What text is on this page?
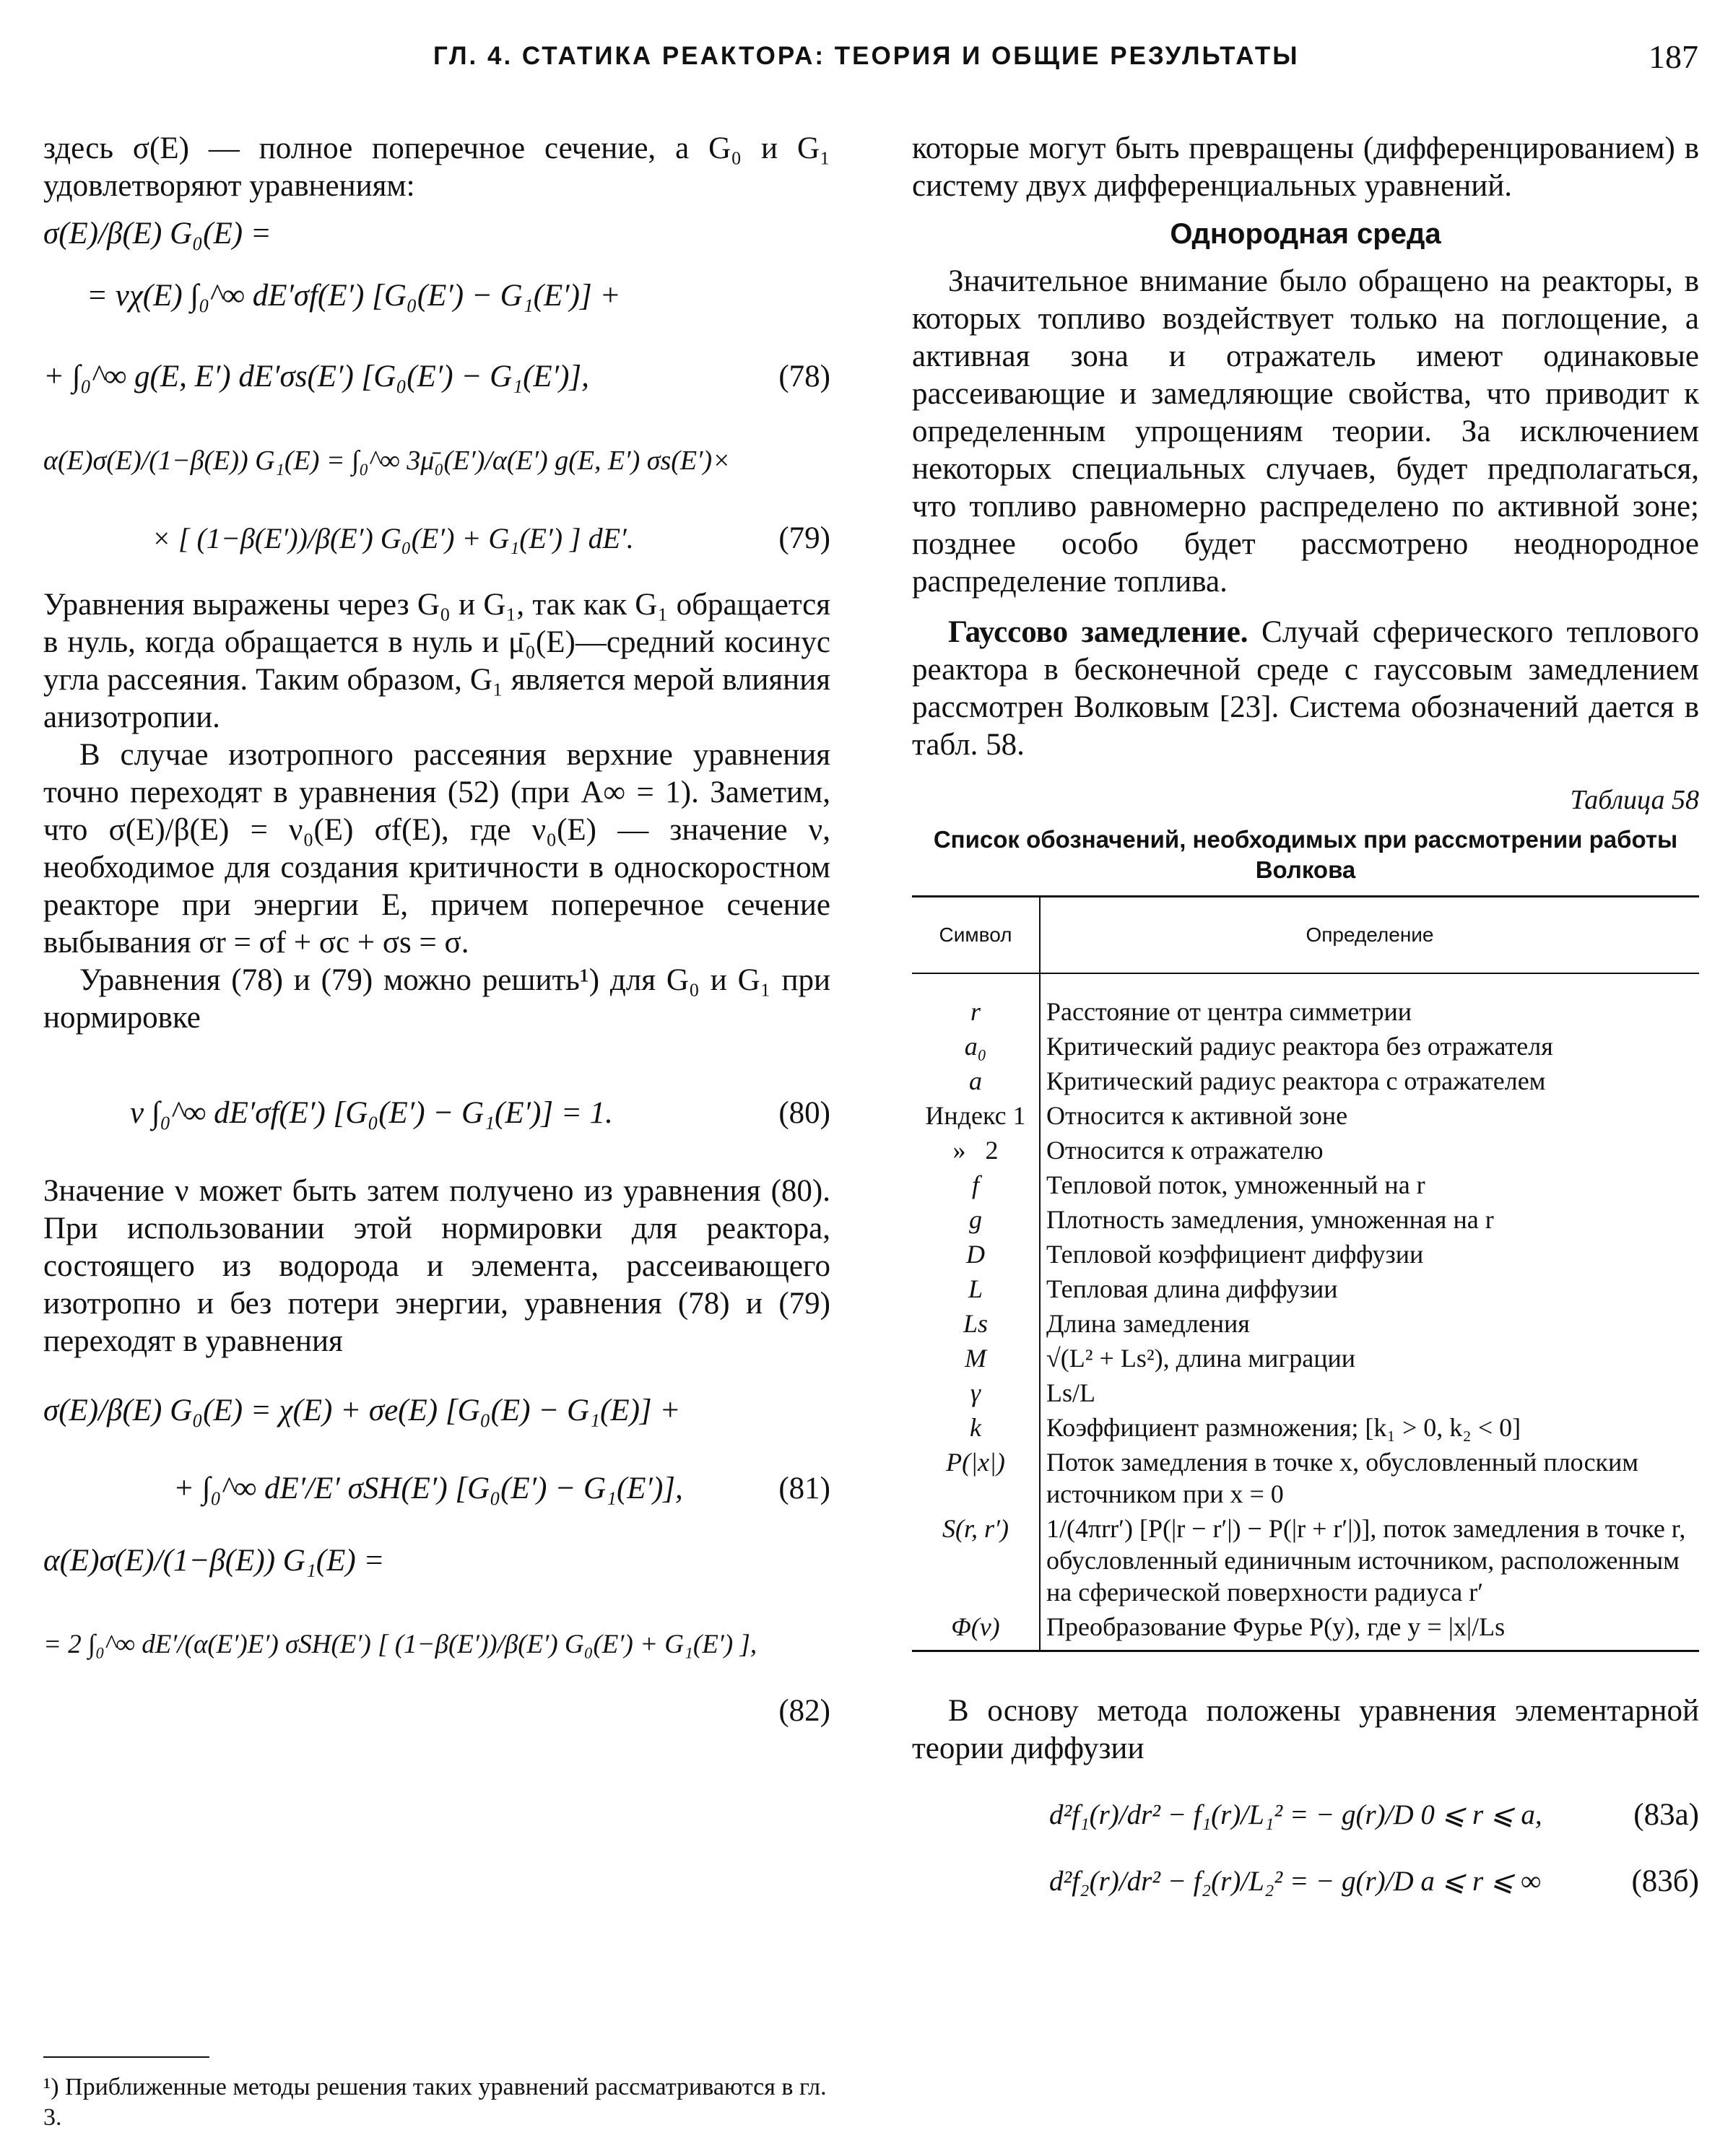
ГЛ. 4. СТАТИКА РЕАКТОРА: ТЕОРИЯ И ОБЩИЕ РЕЗУЛЬТАТЫ	187

здесь σ(E) — полное поперечное сечение, а G₀ и G₁ удовлетворяют уравнениям:

σ(E)/β(E) G₀(E) =
= νχ(E) ∫₀^∞ dE′σf(E′) [G₀(E′) − G₁(E′)] +
+ ∫₀^∞ g(E, E′) dE′σs(E′) [G₀(E′) − G₁(E′)],	(78)
α(E)σ(E)/(1−β(E)) G₁(E) = ∫₀^∞ 3μ̄₀(E′)/α(E′) g(E, E′) σs(E′)×
× [ (1−β(E′))/β(E′) G₀(E′) + G₁(E′) ] dE′.	(79)

Уравнения выражены через G₀ и G₁, так как G₁ обращается в нуль, когда обращается в нуль и μ̄₀(E)—средний косинус угла рассеяния. Таким образом, G₁ является мерой влияния анизотропии.

В случае изотропного рассеяния верхние уравнения точно переходят в уравнения (52) (при A∞ = 1). Заметим, что σ(E)/β(E) = ν₀(E) σf(E), где ν₀(E) — значение ν, необходимое для создания критичности в односкоростном реакторе при энергии E, причем поперечное сечение выбывания σr = σf + σc + σs = σ.

Уравнения (78) и (79) можно решить¹) для G₀ и G₁ при нормировке

ν ∫₀^∞ dE′σf(E′) [G₀(E′) − G₁(E′)] = 1.	(80)

Значение ν может быть затем получено из уравнения (80). При использовании этой нормировки для реактора, состоящего из водорода и элемента, рассеивающего изотропно и без потери энергии, уравнения (78) и (79) переходят в уравнения

σ(E)/β(E) G₀(E) = χ(E) + σe(E) [G₀(E) − G₁(E)] +
+ ∫₀^∞ dE′/E′ σSH(E′) [G₀(E′) − G₁(E′)],	(81)
α(E)σ(E)/(1−β(E)) G₁(E) =
= 2 ∫₀^∞ dE′/(α(E′)E′) σSH(E′) [ (1−β(E′))/β(E′) G₀(E′) + G₁(E′) ],
(82)
¹) Приближенные методы решения таких уравнений рассматриваются в гл. 3.

которые могут быть превращены (дифференцированием) в систему двух дифференциальных уравнений.

Однородная среда

Значительное внимание было обращено на реакторы, в которых топливо воздействует только на поглощение, а активная зона и отражатель имеют одинаковые рассеивающие и замедляющие свойства, что приводит к определенным упрощениям теории. За исключением некоторых специальных случаев, будет предполагаться, что топливо равномерно распределено по активной зоне; позднее особо будет рассмотрено неоднородное распределение топлива.

Гауссово замедление. Случай сферического теплового реактора в бесконечной среде с гауссовым замедлением рассмотрен Волковым [23]. Система обозначений дается в табл. 58.

Таблица 58
Список обозначений, необходимых при рассмотрении работы Волкова
Символ	Определение
r	Расстояние от центра симметрии
a₀	Критический радиус реактора без отражателя
a	Критический радиус реактора с отражателем
Индекс 1	Относится к активной зоне
»   2	Относится к отражателю
f	Тепловой поток, умноженный на r
g	Плотность замедления, умноженная на r
D	Тепловой коэффициент диффузии
L	Тепловая длина диффузии
Ls	Длина замедления
M	√(L² + Ls²), длина миграции
γ	Ls/L
k	Коэффициент размножения; [k₁ > 0, k₂ < 0]
P(|x|)	Поток замедления в точке x, обусловленный плоским источником при x = 0
S(r, r′)	1/(4πrr′) [P(|r − r′|) − P(|r + r′|)], поток замедления в точке r, обусловленный единичным источником, расположенным на сферической поверхности радиуса r′
Φ(ν)	Преобразование Фурье P(y), где y = |x|/Ls

В основу метода положены уравнения элементарной теории диффузии

d²f₁(r)/dr² − f₁(r)/L₁² = − g(r)/D 0 ⩽ r ⩽ a,	(83а)
d²f₂(r)/dr² − f₂(r)/L₂² = − g(r)/D a ⩽ r ⩽ ∞	(83б)
